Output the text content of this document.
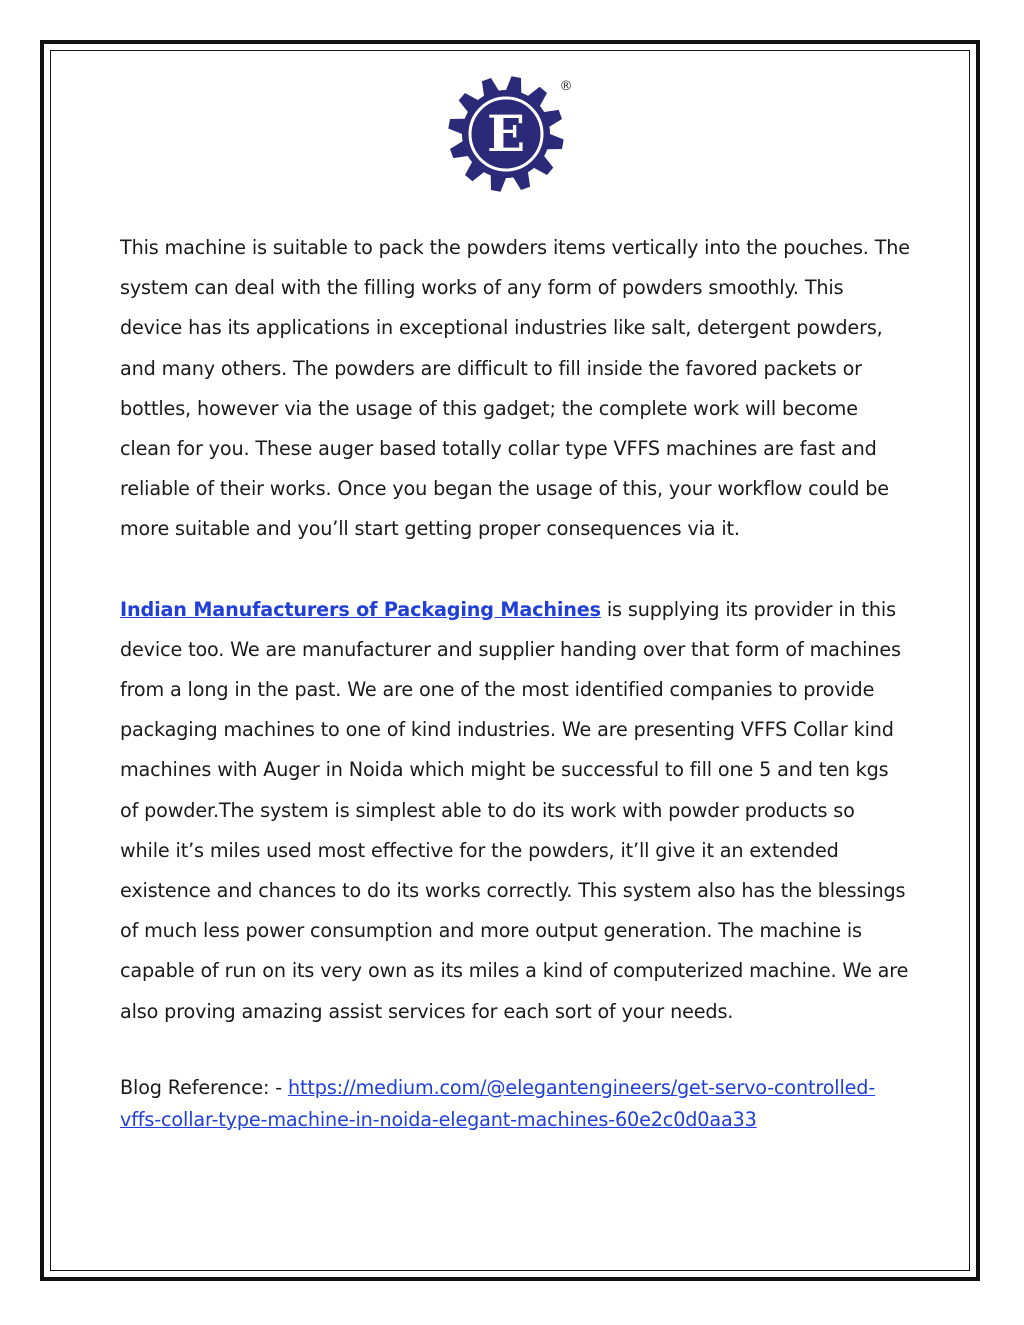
E
®

This machine is suitable to pack the powders items vertically into the pouches. The system can deal with the filling works of any form of powders smoothly. This device has its applications in exceptional industries like salt, detergent powders, and many others. The powders are difficult to fill inside the favored packets or bottles, however via the usage of this gadget; the complete work will become clean for you. These auger based totally collar type VFFS machines are fast and reliable of their works. Once you began the usage of this, your workflow could be more suitable and you’ll start getting proper consequences via it.

Indian Manufacturers of Packaging Machines is supplying its provider in this device too. We are manufacturer and supplier handing over that form of machines from a long in the past. We are one of the most identified companies to provide packaging machines to one of kind industries. We are presenting VFFS Collar kind machines with Auger in Noida which might be successful to fill one 5 and ten kgs of powder.The system is simplest able to do its work with powder products so while it’s miles used most effective for the powders, it’ll give it an extended existence and chances to do its works correctly. This system also has the blessings of much less power consumption and more output generation. The machine is capable of run on its very own as its miles a kind of computerized machine. We are also proving amazing assist services for each sort of your needs.

Blog Reference: - https://medium.com/@elegantengineers/get-servo-controlled-vffs-collar-type-machine-in-noida-elegant-machines-60e2c0d0aa33
